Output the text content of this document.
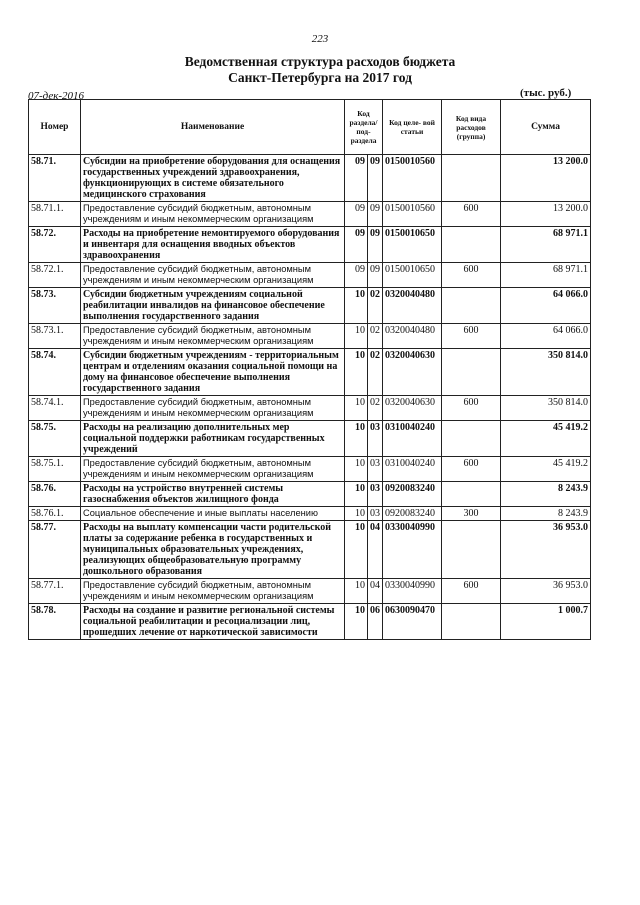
223
Ведомственная структура расходов бюджета
Санкт-Петербурга на 2017 год
07-дек-2016	(тыс. руб.)
Номер	Наименование	Код раздела/ под- раздела		Код целе- вой статьи	Код вида расходов (группа)	Сумма
58.71.	Субсидии на приобретение оборудования для оснащения государственных учреждений здравоохранения, функционирующих в системе обязательного медицинского страхования	09	09	0150010560		13 200.0
58.71.1.	Предоставление субсидий бюджетным, автономным учреждениям и иным некоммерческим организациям	09	09	0150010560	600	13 200.0
58.72.	Расходы на приобретение немонтируемого оборудования и инвентаря для оснащения вводных объектов здравоохранения	09	09	0150010650		68 971.1
58.72.1.	Предоставление субсидий бюджетным, автономным учреждениям и иным некоммерческим организациям	09	09	0150010650	600	68 971.1
58.73.	Субсидии бюджетным учреждениям социальной реабилитации инвалидов на финансовое обеспечение выполнения государственного задания	10	02	0320040480		64 066.0
58.73.1.	Предоставление субсидий бюджетным, автономным учреждениям и иным некоммерческим организациям	10	02	0320040480	600	64 066.0
58.74.	Субсидии бюджетным учреждениям - территориальным центрам и отделениям оказания социальной помощи на дому на финансовое обеспечение выполнения государственного задания	10	02	0320040630		350 814.0
58.74.1.	Предоставление субсидий бюджетным, автономным учреждениям и иным некоммерческим организациям	10	02	0320040630	600	350 814.0
58.75.	Расходы на реализацию дополнительных мер социальной поддержки работникам государственных учреждений	10	03	0310040240		45 419.2
58.75.1.	Предоставление субсидий бюджетным, автономным учреждениям и иным некоммерческим организациям	10	03	0310040240	600	45 419.2
58.76.	Расходы на устройство внутренней системы газоснабжения объектов жилищного фонда	10	03	0920083240		8 243.9
58.76.1.	Социальное обеспечение и иные выплаты населению	10	03	0920083240	300	8 243.9
58.77.	Расходы на выплату компенсации части родительской платы за содержание ребенка в государственных и муниципальных образовательных учреждениях, реализующих общеобразовательную программу дошкольного образования	10	04	0330040990		36 953.0
58.77.1.	Предоставление субсидий бюджетным, автономным учреждениям и иным некоммерческим организациям	10	04	0330040990	600	36 953.0
58.78.	Расходы на создание и развитие региональной системы социальной реабилитации и ресоциализации лиц, прошедших лечение от наркотической зависимости	10	06	0630090470		1 000.7
